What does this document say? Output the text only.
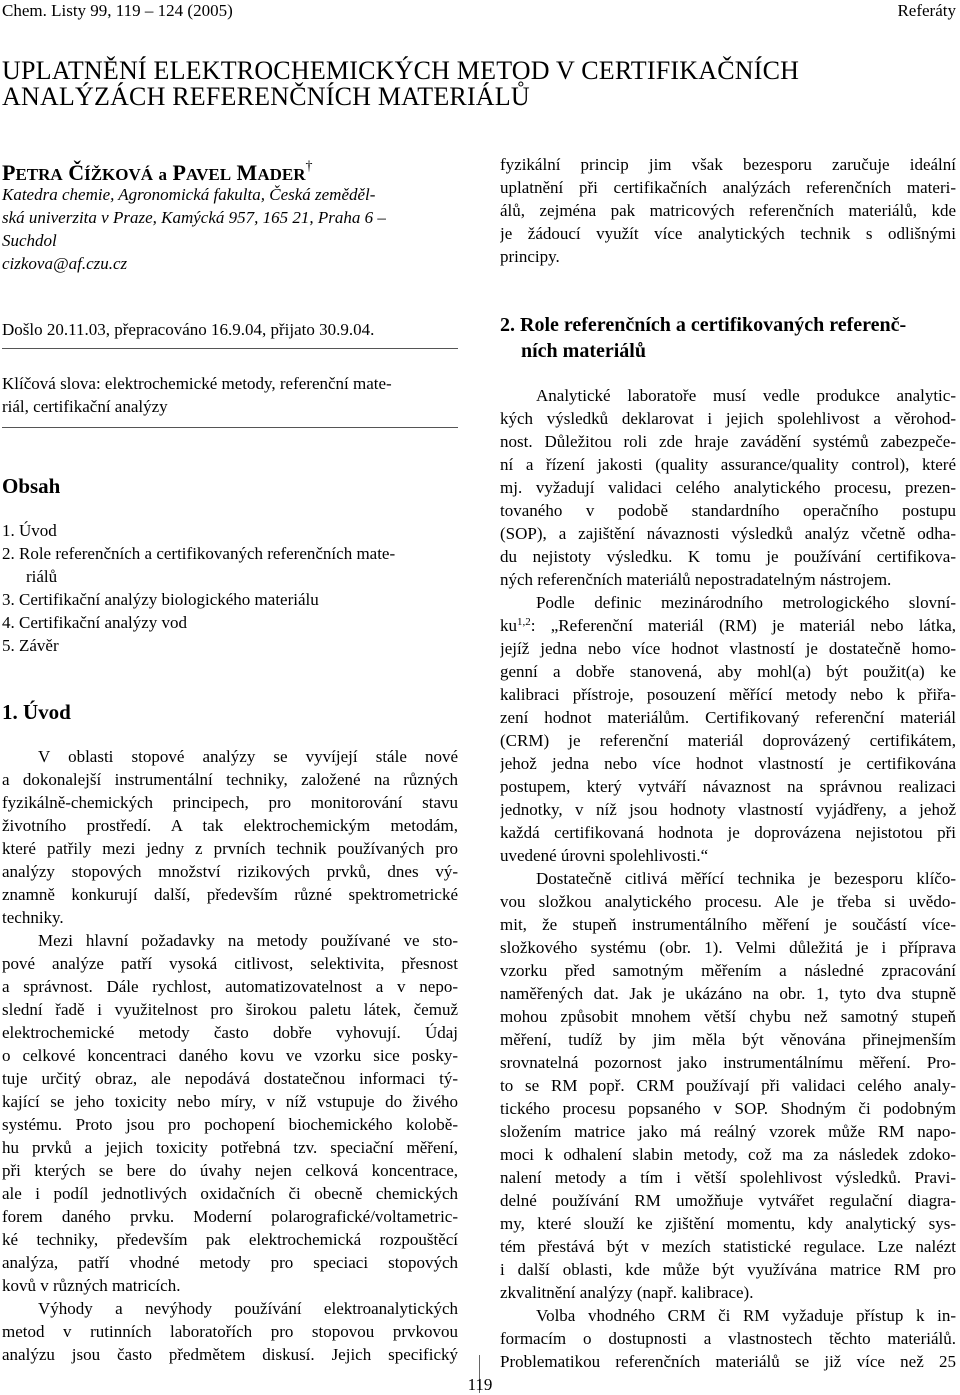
Chem. Listy 99, 119 – 124 (2005)	Referáty
UPLATNĚNÍ ELEKTROCHEMICKÝCH METOD V CERTIFIKAČNÍCH
ANALÝZÁCH REFERENČNÍCH MATERIÁLŮ
PETRA ČÍŽKOVÁ a PAVEL MADER†
Katedra chemie, Agronomická fakulta, Česká zeměděl-
ská univerzita v Praze, Kamýcká 957, 165 21, Praha 6 –
Suchdol
cizkova@af.czu.cz
Došlo 20.11.03, přepracováno 16.9.04, přijato 30.9.04.
Klíčová slova: elektrochemické metody, referenční mate-
riál, certifikační analýzy
Obsah
1. Úvod
2. Role referenčních a certifikovaných referenčních mate-
riálů
3. Certifikační analýzy biologického materiálu
4. Certifikační analýzy vod
5. Závěr
1. Úvod
V oblasti stopové analýzy se vyvíjejí stále nové
a dokonalejší instrumentální techniky, založené na různých
fyzikálně-chemických principech, pro monitorování stavu
životního prostředí. A tak elektrochemickým metodám,
které patřily mezi jedny z prvních technik používaných pro
analýzy stopových množství rizikových prvků, dnes vý-
znamně konkurují další, především různé spektrometrické
techniky.
Mezi hlavní požadavky na metody používané ve sto-
pové analýze patří vysoká citlivost, selektivita, přesnost
a správnost. Dále rychlost, automatizovatelnost a v nepo-
slední řadě i využitelnost pro širokou paletu látek, čemuž
elektrochemické metody často dobře vyhovují. Údaj
o celkové koncentraci daného kovu ve vzorku sice posky-
tuje určitý obraz, ale nepodává dostatečnou informaci tý-
kající se jeho toxicity nebo míry, v níž vstupuje do živého
systému. Proto jsou pro pochopení biochemického kolobě-
hu prvků a jejich toxicity potřebná tzv. speciační měření,
při kterých se bere do úvahy nejen celková koncentrace,
ale i podíl jednotlivých oxidačních či obecně chemických
forem daného prvku. Moderní polarografické/voltametric-
ké techniky, především pak elektrochemická rozpouštěcí
analýza, patří vhodné metody pro speciaci stopových
kovů v různých matricích.
Výhody a nevýhody používání elektroanalytických
metod v rutinních laboratořích pro stopovou prvkovou
analýzu jsou často předmětem diskusí. Jejich specifický
fyzikální princip jim však bezesporu zaručuje ideální
uplatnění při certifikačních analýzách referenčních materi-
álů, zejména pak matricových referenčních materiálů, kde
je žádoucí využít více analytických technik s odlišnými
principy.
2. Role referenčních a certifikovaných referenč-
ních materiálů
Analytické laboratoře musí vedle produkce analytic-
kých výsledků deklarovat i jejich spolehlivost a věrohod-
nost. Důležitou roli zde hraje zavádění systémů zabezpeče-
ní a řízení jakosti (quality assurance/quality control), které
mj. vyžadují validaci celého analytického procesu, prezen-
tovaného v podobě standardního operačního postupu
(SOP), a zajištění návaznosti výsledků analýz včetně odha-
du nejistoty výsledku. K tomu je používání certifikova-
ných referenčních materiálů nepostradatelným nástrojem.
Podle definic mezinárodního metrologického slovní-
ku$^{1,2}$: „Referenční materiál (RM) je materiál nebo látka,
jejíž jedna nebo více hodnot vlastností je dostatečně homo-
genní a dobře stanovená, aby mohl(a) být použit(a) ke
kalibraci přístroje, posouzení měřící metody nebo k přiřa-
zení hodnot materiálům. Certifikovaný referenční materiál
(CRM) je referenční materiál doprovázený certifikátem,
jehož jedna nebo více hodnot vlastností je certifikována
postupem, který vytváří návaznost na správnou realizaci
jednotky, v níž jsou hodnoty vlastností vyjádřeny, a jehož
každá certifikovaná hodnota je doprovázena nejistotou při
uvedené úrovni spolehlivosti.“
Dostatečně citlivá měřící technika je bezesporu klíčo-
vou složkou analytického procesu. Ale je třeba si uvědo-
mit, že stupeň instrumentálního měření je součástí více-
složkového systému (obr. 1). Velmi důležitá je i příprava
vzorku před samotným měřením a následné zpracování
naměřených dat. Jak je ukázáno na obr. 1, tyto dva stupně
mohou způsobit mnohem větší chybu než samotný stupeň
měření, tudíž by jim měla být věnována přinejmenším
srovnatelná pozornost jako instrumentálnímu měření. Pro-
to se RM popř. CRM používají při validaci celého analy-
tického procesu popsaného v SOP. Shodným či podobným
složením matrice jako má reálný vzorek může RM napo-
moci k odhalení slabin metody, což ma za následek zdoko-
nalení metody a tím i větší spolehlivost výsledků. Pravi-
delné používání RM umožňuje vytvářet regulační diagra-
my, které slouží ke zjištění momentu, kdy analytický sys-
tém přestává být v mezích statistické regulace. Lze nalézt
i další oblasti, kde může být využívána matrice RM pro
zkvalitnění analýzy (např. kalibrace).
Volba vhodného CRM či RM vyžaduje přístup k in-
formacím o dostupnosti a vlastnostech těchto materiálů.
Problematikou referenčních materiálů se již více než 25
119
